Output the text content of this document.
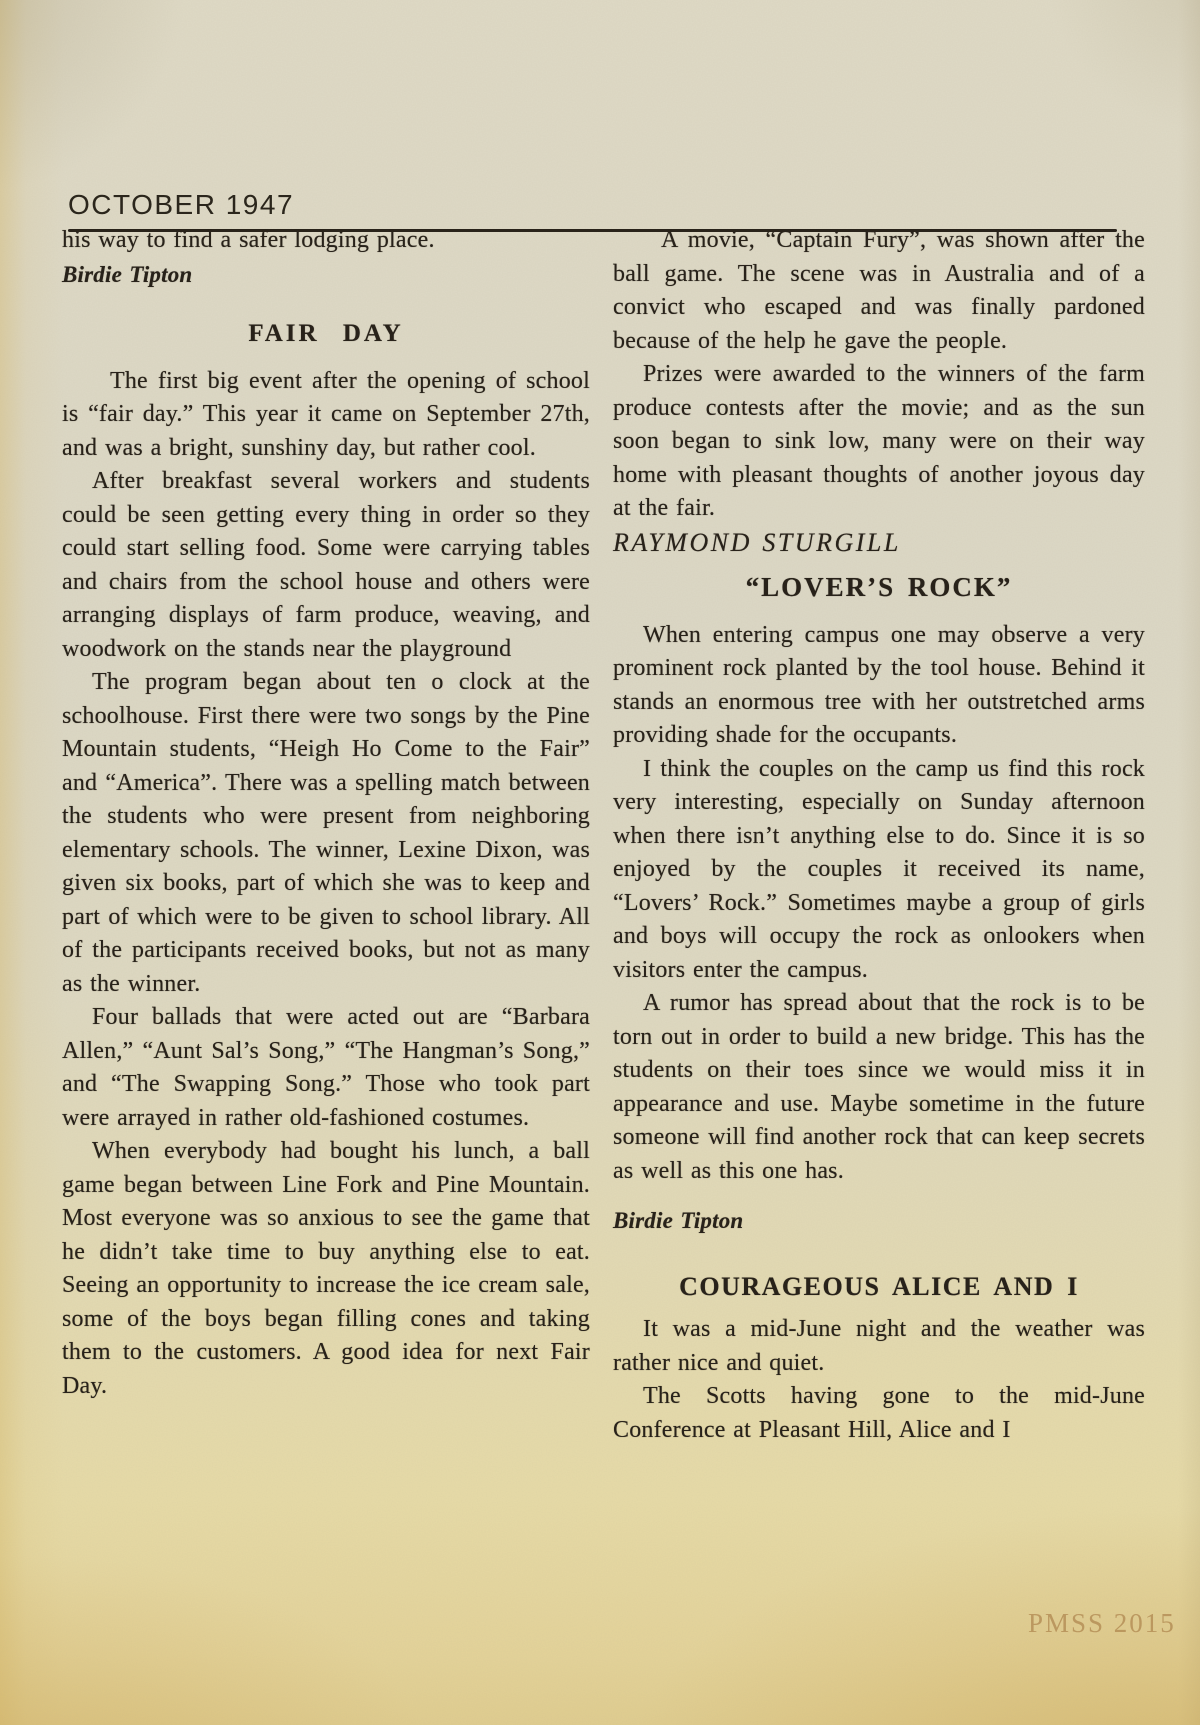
OCTOBER 1947

his way to find a safer lodging place.

Birdie Tipton

FAIR DAY

The first big event after the opening of school is “fair day.” This year it came on September 27th, and was a bright, sunshiny day, but rather cool.

After breakfast several workers and students could be seen getting every thing in order so they could start selling food. Some were carrying tables and chairs from the school house and others were arranging displays of farm produce, weaving, and woodwork on the stands near the playground

The program began about ten o clock at the schoolhouse. First there were two songs by the Pine Mountain students, “Heigh Ho Come to the Fair” and “America”. There was a spelling match between the students who were present from neighboring elementary schools. The winner, Lexine Dixon, was given six books, part of which she was to keep and part of which were to be given to school library. All of the participants received books, but not as many as the winner.

Four ballads that were acted out are “Barbara Allen,” “Aunt Sal’s Song,” “The Hangman’s Song,” and “The Swapping Song.” Those who took part were arrayed in rather old-fashioned costumes.

When everybody had bought his lunch, a ball game began between Line Fork and Pine Mountain. Most everyone was so anxious to see the game that he didn’t take time to buy anything else to eat. Seeing an opportunity to increase the ice cream sale, some of the boys began filling cones and taking them to the customers. A good idea for next Fair Day.

A movie, “Captain Fury”, was shown after the ball game. The scene was in Australia and of a convict who escaped and was finally pardoned because of the help he gave the people.

Prizes were awarded to the winners of the farm produce contests after the movie; and as the sun soon began to sink low, many were on their way home with pleasant thoughts of another joyous day at the fair.

RAYMOND STURGILL

“LOVER’S ROCK”

When entering campus one may observe a very prominent rock planted by the tool house. Behind it stands an enormous tree with her outstretched arms providing shade for the occupants.

I think the couples on the camp us find this rock very interesting, especially on Sunday afternoon when there isn’t anything else to do. Since it is so enjoyed by the couples it received its name, “Lovers’ Rock.” Sometimes maybe a group of girls and boys will occupy the rock as onlookers when visitors enter the campus.

A rumor has spread about that the rock is to be torn out in order to build a new bridge. This has the students on their toes since we would miss it in appearance and use. Maybe sometime in the future someone will find another rock that can keep secrets as well as this one has.

Birdie Tipton

COURAGEOUS ALICE AND I

It was a mid-June night and the weather was rather nice and quiet.

The Scotts having gone to the mid-June Conference at Pleasant Hill, Alice and I

PMSS 2015
